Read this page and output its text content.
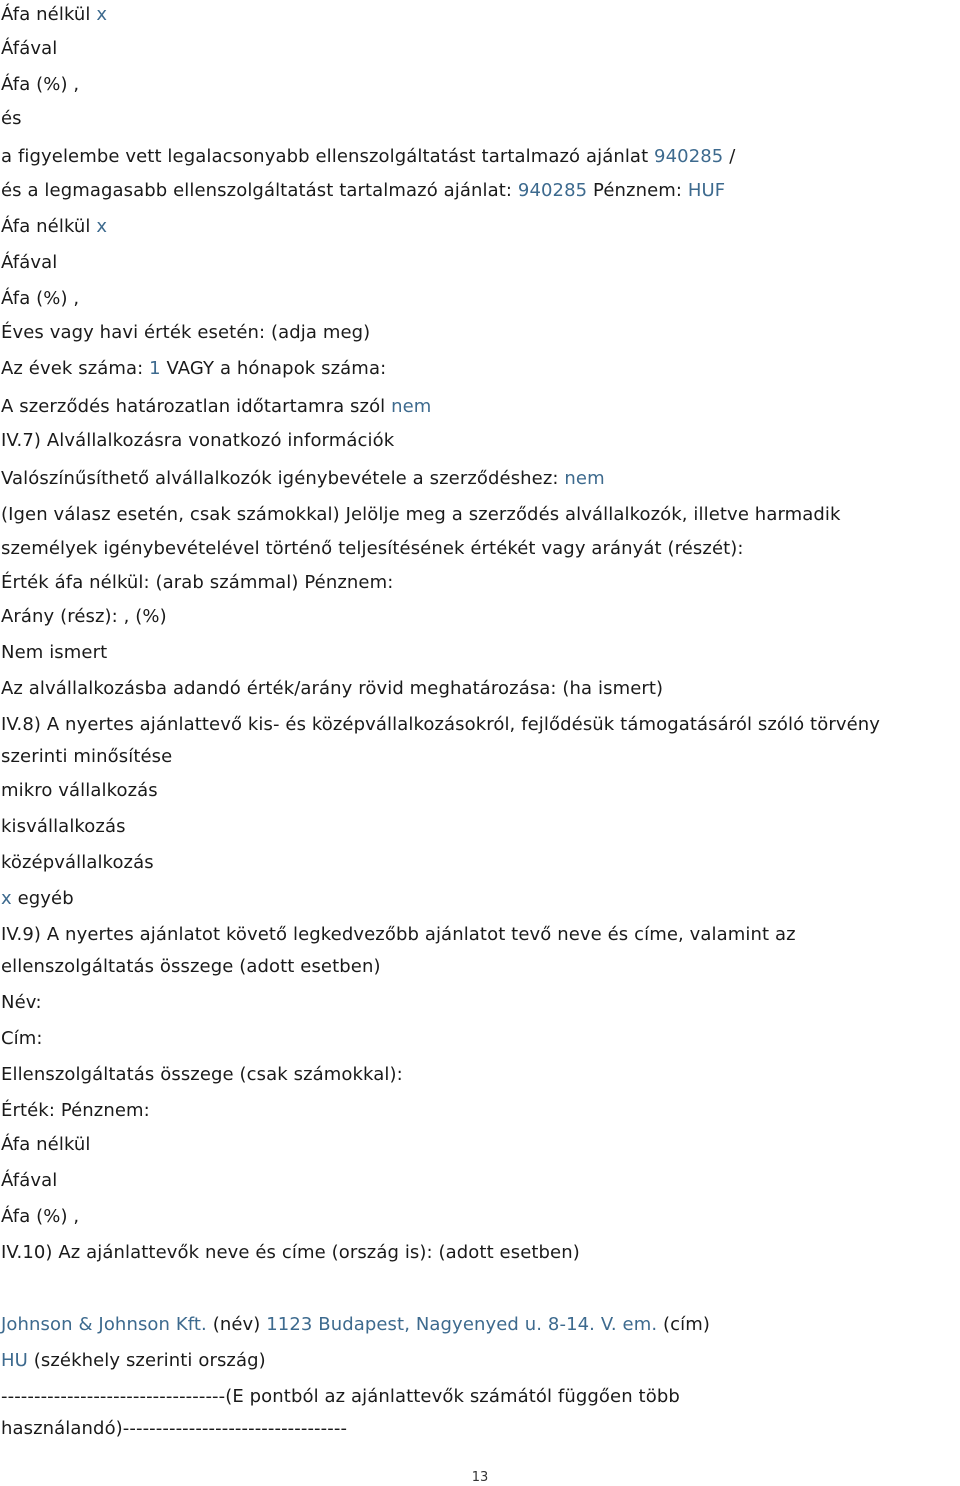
Áfa nélkül x
Áfával
Áfa (%) ,
és
a figyelembe vett legalacsonyabb ellenszolgáltatást tartalmazó ajánlat 940285 /
és a legmagasabb ellenszolgáltatást tartalmazó ajánlat: 940285 Pénznem: HUF
Áfa nélkül x
Áfával
Áfa (%) ,
Éves vagy havi érték esetén: (adja meg)
Az évek száma: 1 VAGY a hónapok száma:
A szerződés határozatlan időtartamra szól nem
IV.7) Alvállalkozásra vonatkozó információk
Valószínűsíthető alvállalkozók igénybevétele a szerződéshez: nem
(Igen válasz esetén, csak számokkal) Jelölje meg a szerződés alvállalkozók, illetve harmadik
személyek igénybevételével történő teljesítésének értékét vagy arányát (részét):
Érték áfa nélkül: (arab számmal) Pénznem:
Arány (rész): , (%)
Nem ismert
Az alvállalkozásba adandó érték/arány rövid meghatározása: (ha ismert)
IV.8) A nyertes ajánlattevő kis- és középvállalkozásokról, fejlődésük támogatásáról szóló törvény
szerinti minősítése
mikro vállalkozás
kisvállalkozás
középvállalkozás
x egyéb
IV.9) A nyertes ajánlatot követő legkedvezőbb ajánlatot tevő neve és címe, valamint az
ellenszolgáltatás összege (adott esetben)
Név:
Cím:
Ellenszolgáltatás összege (csak számokkal):
Érték: Pénznem:
Áfa nélkül
Áfával
Áfa (%) ,
IV.10) Az ajánlattevők neve és címe (ország is): (adott esetben)
Johnson & Johnson Kft. (név) 1123 Budapest, Nagyenyed u. 8-14. V. em. (cím)
HU (székhely szerinti ország)
----------------------------------(E pontból az ajánlattevők számától függően több
használandó)----------------------------------
13
